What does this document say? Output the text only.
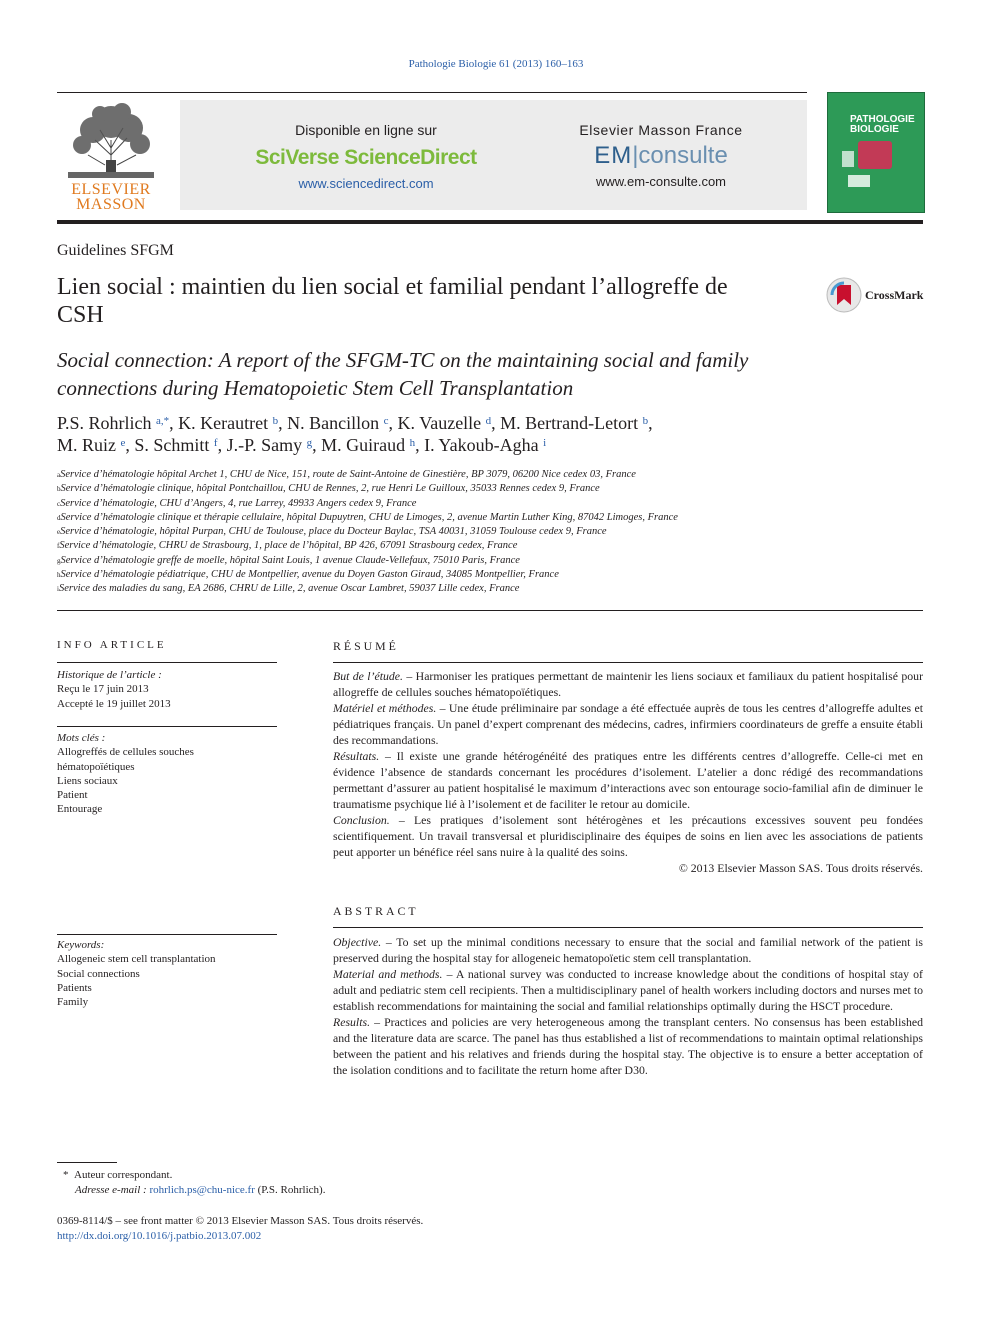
Pathologie Biologie 61 (2013) 160–163
ELSEVIER
MASSON
Disponible en ligne sur
SciVerse ScienceDirect
www.sciencedirect.com
Elsevier Masson France
EM|consulte
www.em-consulte.com
PATHOLOGIE
BIOLOGIE
Guidelines SFGM
Lien social : maintien du lien social et familial pendant l’allogreffe de CSH
CrossMark
Social connection: A report of the SFGM-TC on the maintaining social and family connections during Hematopoietic Stem Cell Transplantation
P.S. Rohrlich $^{a,*}$, K. Kerautret $^b$, N. Bancillon $^c$, K. Vauzelle $^d$, M. Bertrand-Letort $^b$,
M. Ruiz $^e$, S. Schmitt $^f$, J.-P. Samy $^g$, M. Guiraud $^h$, I. Yakoub-Agha $^i$
$^a$Service d’hématologie hôpital Archet 1, CHU de Nice, 151, route de Saint-Antoine de Ginestière, BP 3079, 06200 Nice cedex 03, France
$^b$Service d’hématologie clinique, hôpital Pontchaillou, CHU de Rennes, 2, rue Henri Le Guilloux, 35033 Rennes cedex 9, France
$^c$Service d’hématologie, CHU d’Angers, 4, rue Larrey, 49933 Angers cedex 9, France
$^d$Service d’hématologie clinique et thérapie cellulaire, hôpital Dupuytren, CHU de Limoges, 2, avenue Martin Luther King, 87042 Limoges, France
$^e$Service d’hématologie, hôpital Purpan, CHU de Toulouse, place du Docteur Baylac, TSA 40031, 31059 Toulouse cedex 9, France
$^f$Service d’hématologie, CHRU de Strasbourg, 1, place de l’hôpital, BP 426, 67091 Strasbourg cedex, France
$^g$Service d’hématologie greffe de moelle, hôpital Saint Louis, 1 avenue Claude-Vellefaux, 75010 Paris, France
$^h$Service d’hématologie pédiatrique, CHU de Montpellier, avenue du Doyen Gaston Giraud, 34085 Montpellier, France
$^i$Service des maladies du sang, EA 2686, CHRU de Lille, 2, avenue Oscar Lambret, 59037 Lille cedex, France
INFO ARTICLE
Historique de l’article :
Reçu le 17 juin 2013
Accepté le 19 juillet 2013
Mots clés :
Allogreffés de cellules souches
hématopoïétiques
Liens sociaux
Patient
Entourage
Keywords:
Allogeneic stem cell transplantation
Social connections
Patients
Family
RÉSUMÉ

But de l’étude. – Harmoniser les pratiques permettant de maintenir les liens sociaux et familiaux du patient hospitalisé pour allogreffe de cellules souches hématopoïétiques.

Matériel et méthodes. – Une étude préliminaire par sondage a été effectuée auprès de tous les centres d’allogreffe adultes et pédiatriques français. Un panel d’expert comprenant des médecins, cadres, infirmiers coordinateurs de greffe a ensuite établi des recommandations.

Résultats. – Il existe une grande hétérogénéité des pratiques entre les différents centres d’allogreffe. Celle-ci met en évidence l’absence de standards concernant les procédures d’isolement. L’atelier a donc rédigé des recommandations permettant d’assurer au patient hospitalisé le maximum d’interactions avec son entourage socio-familial afin de diminuer le traumatisme psychique lié à l’isolement et de faciliter le retour au domicile.

Conclusion. – Les pratiques d’isolement sont hétérogènes et les précautions excessives souvent peu fondées scientifiquement. Un travail transversal et pluridisciplinaire des équipes de soins en lien avec les associations de patients peut apporter un bénéfice réel sans nuire à la qualité des soins.

© 2013 Elsevier Masson SAS. Tous droits réservés.

ABSTRACT

Objective. – To set up the minimal conditions necessary to ensure that the social and familial network of the patient is preserved during the hospital stay for allogeneic hematopoïetic stem cell transplantation.

Material and methods. – A national survey was conducted to increase knowledge about the conditions of hospital stay of adult and pediatric stem cell recipients. Then a multidisciplinary panel of health workers including doctors and nurses met to establish recommendations for maintaining the social and familial relationships optimally during the HSCT procedure.

Results. – Practices and policies are very heterogeneous among the transplant centers. No consensus has been established and the literature data are scarce. The panel has thus established a list of recommendations to maintain optimal relationships between the patient and his relatives and friends during the hospital stay. The objective is to ensure a better acceptation of the isolation conditions and to facilitate the return home after D30.

* Auteur correspondant.
Adresse e-mail : rohrlich.ps@chu-nice.fr (P.S. Rohrlich).
0369-8114/$ – see front matter © 2013 Elsevier Masson SAS. Tous droits réservés.
http://dx.doi.org/10.1016/j.patbio.2013.07.002
